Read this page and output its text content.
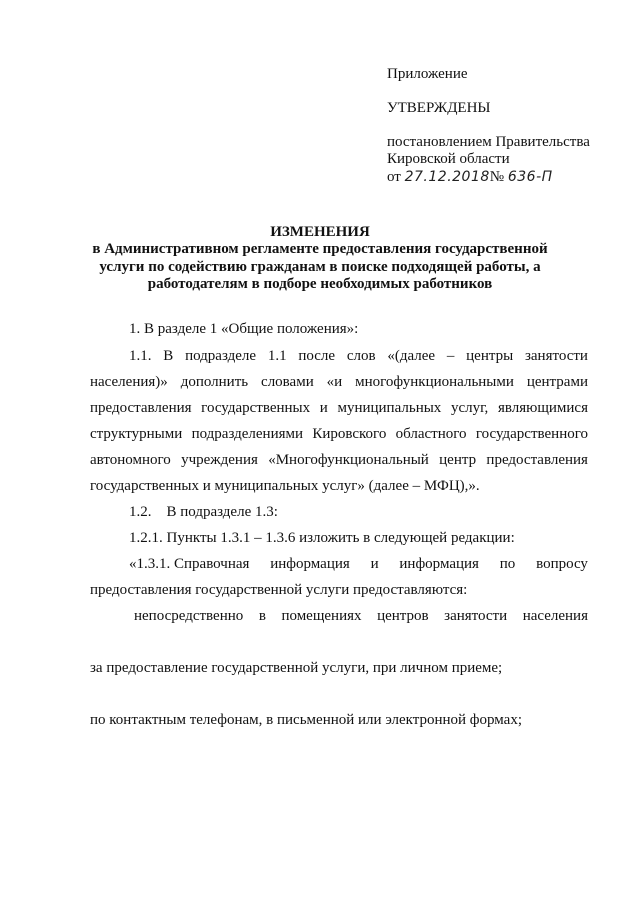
Приложение
УТВЕРЖДЕНЫ
постановлением Правительства
Кировской области
от 27.12.2018№ 636-П
ИЗМЕНЕНИЯ
в Административном регламенте предоставления государственной
услуги по содействию гражданам в поиске подходящей работы, а
работодателям в подборе необходимых работников
1. В разделе 1 «Общие положения»:
1.1. В подразделе 1.1 после слов «(далее – центры занятости
населения)» дополнить словами «и многофункциональными центрами
предоставления государственных и муниципальных услуг, являющимися
структурными подразделениями Кировского областного государственного
автономного учреждения «Многофункциональный центр предоставления
государственных и муниципальных услуг» (далее – МФЦ),».
1.2.    В подразделе 1.3:
1.2.1. Пункты 1.3.1 – 1.3.6 изложить в следующей редакции:
«1.3.1. Справочная информация и информация по вопросу
предоставления государственной услуги предоставляются:
непосредственно в помещениях центров занятости населения
за предоставление государственной услуги, при личном приеме;
по контактным телефонам, в письменной или электронной формах;
